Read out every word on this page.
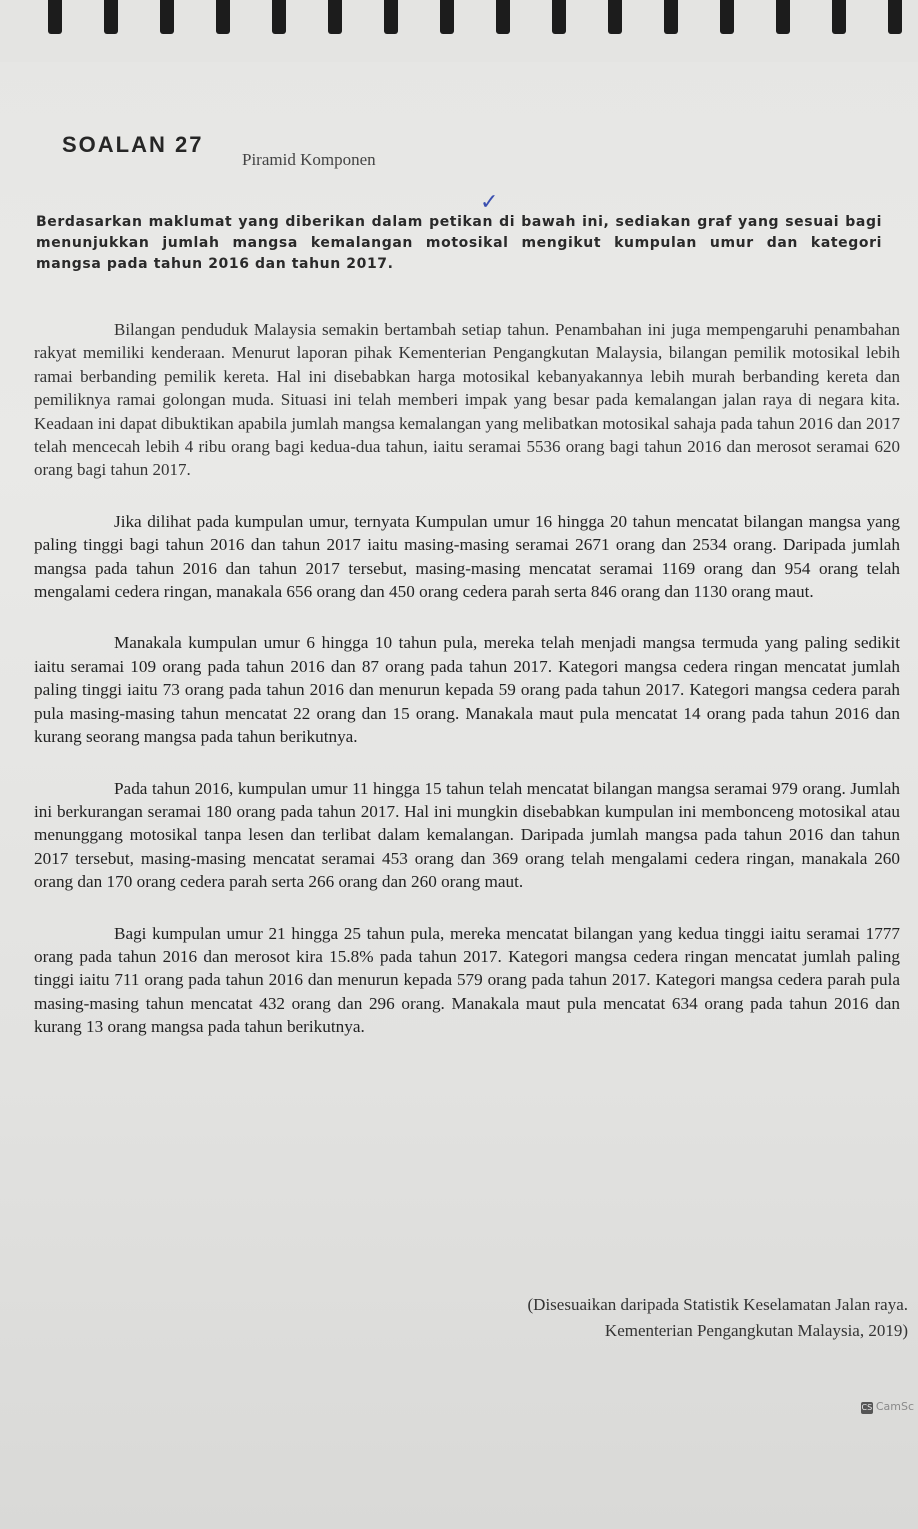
SOALAN 27
Piramid Komponen
✓
Berdasarkan maklumat yang diberikan dalam petikan di bawah ini, sediakan graf yang sesuai bagi menunjukkan jumlah mangsa kemalangan motosikal mengikut kumpulan umur dan kategori mangsa pada tahun 2016 dan tahun 2017.

Bilangan penduduk Malaysia semakin bertambah setiap tahun. Penambahan ini juga mempengaruhi penambahan rakyat memiliki kenderaan. Menurut laporan pihak Kementerian Pengangkutan Malaysia, bilangan pemilik motosikal lebih ramai berbanding pemilik kereta. Hal ini disebabkan harga motosikal kebanyakannya lebih murah berbanding kereta dan pemiliknya ramai golongan muda. Situasi ini telah memberi impak yang besar pada kemalangan jalan raya di negara kita. Keadaan ini dapat dibuktikan apabila jumlah mangsa kemalangan yang melibatkan motosikal sahaja pada tahun 2016 dan 2017 telah mencecah lebih 4 ribu orang bagi kedua-dua tahun, iaitu seramai 5536 orang bagi tahun 2016 dan merosot seramai 620 orang bagi tahun 2017.

Jika dilihat pada kumpulan umur, ternyata Kumpulan umur 16 hingga 20 tahun mencatat bilangan mangsa yang paling tinggi bagi tahun 2016 dan tahun 2017 iaitu masing-masing seramai 2671 orang dan 2534 orang. Daripada jumlah mangsa pada tahun 2016 dan tahun 2017 tersebut, masing-masing mencatat seramai 1169 orang dan 954 orang telah mengalami cedera ringan, manakala 656 orang dan 450 orang cedera parah serta 846 orang dan 1130 orang maut.

Manakala kumpulan umur 6 hingga 10 tahun pula, mereka telah menjadi mangsa termuda yang paling sedikit iaitu seramai 109 orang pada tahun 2016 dan 87 orang pada tahun 2017. Kategori mangsa cedera ringan mencatat jumlah paling tinggi iaitu 73 orang pada tahun 2016 dan menurun kepada 59 orang pada tahun 2017. Kategori mangsa cedera parah pula masing-masing tahun mencatat 22 orang dan 15 orang. Manakala maut pula mencatat 14 orang pada tahun 2016 dan kurang seorang mangsa pada tahun berikutnya.

Pada tahun 2016, kumpulan umur 11 hingga 15 tahun telah mencatat bilangan mangsa seramai 979 orang. Jumlah ini berkurangan seramai 180 orang pada tahun 2017. Hal ini mungkin disebabkan kumpulan ini membonceng motosikal atau menunggang motosikal tanpa lesen dan terlibat dalam kemalangan. Daripada jumlah mangsa pada tahun 2016 dan tahun 2017 tersebut, masing-masing mencatat seramai 453 orang dan 369 orang telah mengalami cedera ringan, manakala 260 orang dan 170 orang cedera parah serta 266 orang dan 260 orang maut.

Bagi kumpulan umur 21 hingga 25 tahun pula, mereka mencatat bilangan yang kedua tinggi iaitu seramai 1777 orang pada tahun 2016 dan merosot kira 15.8% pada tahun 2017. Kategori mangsa cedera ringan mencatat jumlah paling tinggi iaitu 711 orang pada tahun 2016 dan menurun kepada 579 orang pada tahun 2017. Kategori mangsa cedera parah pula masing-masing tahun mencatat 432 orang dan 296 orang. Manakala maut pula mencatat 634 orang pada tahun 2016 dan kurang 13 orang mangsa pada tahun berikutnya.

(Disesuaikan daripada Statistik Keselamatan Jalan raya.
Kementerian Pengangkutan Malaysia, 2019)
CS CamSc
